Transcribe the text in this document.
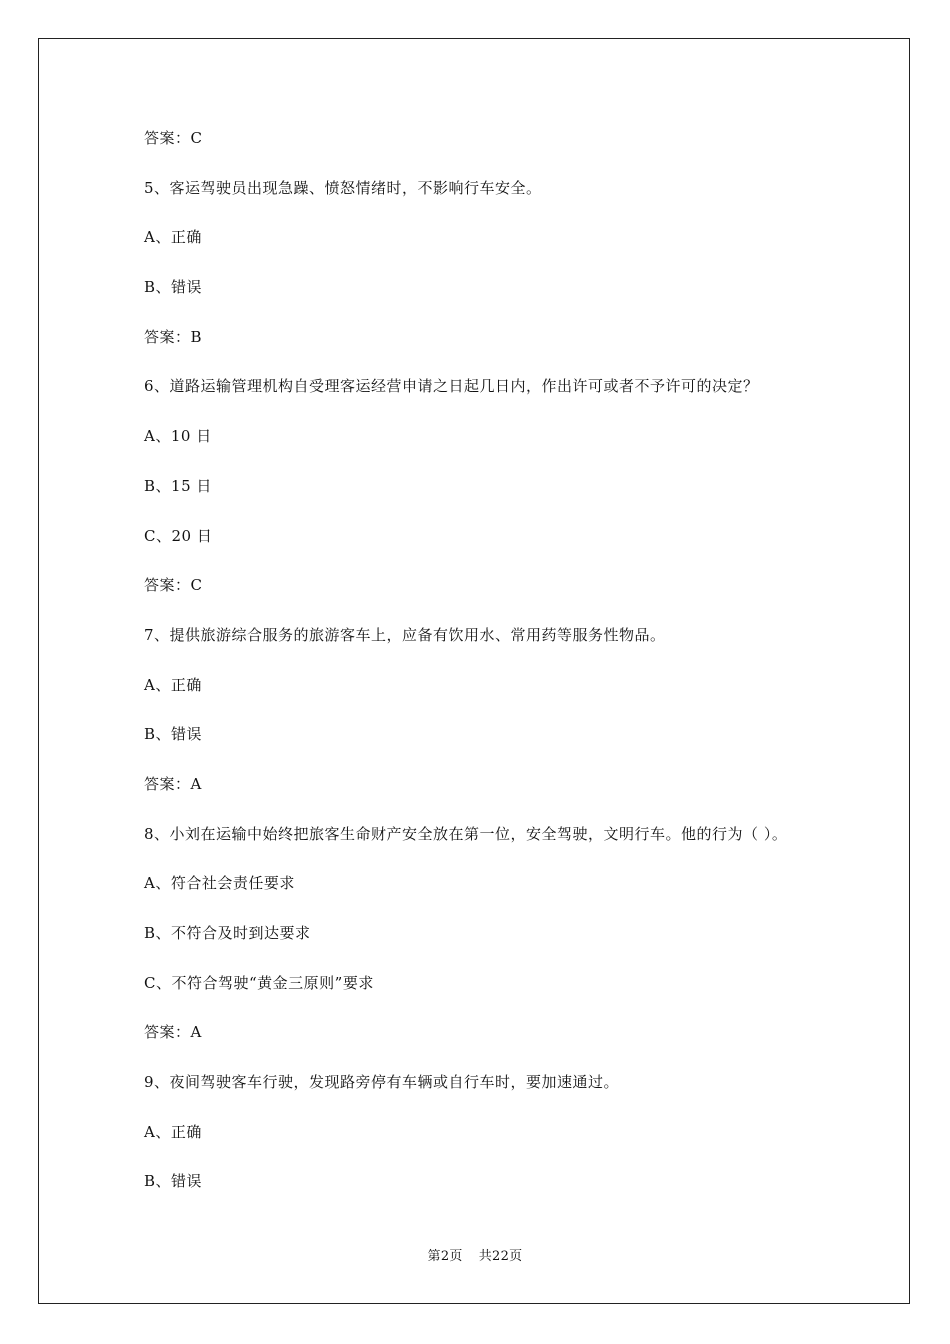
答案：C
5、客运驾驶员出现急躁、愤怒情绪时，不影响行车安全。
A、正确
B、错误
答案：B
6、道路运输管理机构自受理客运经营申请之日起几日内，作出许可或者不予许可的决定？
A、10 日
B、15 日
C、20 日
答案：C
7、提供旅游综合服务的旅游客车上，应备有饮用水、常用药等服务性物品。
A、正确
B、错误
答案：A
8、小刘在运输中始终把旅客生命财产安全放在第一位，安全驾驶，文明行车。他的行为（ ）。
A、符合社会责任要求
B、不符合及时到达要求
C、不符合驾驶“黄金三原则”要求
答案：A
9、夜间驾驶客车行驶，发现路旁停有车辆或自行车时，要加速通过。
A、正确
B、错误
第2页 共22页
